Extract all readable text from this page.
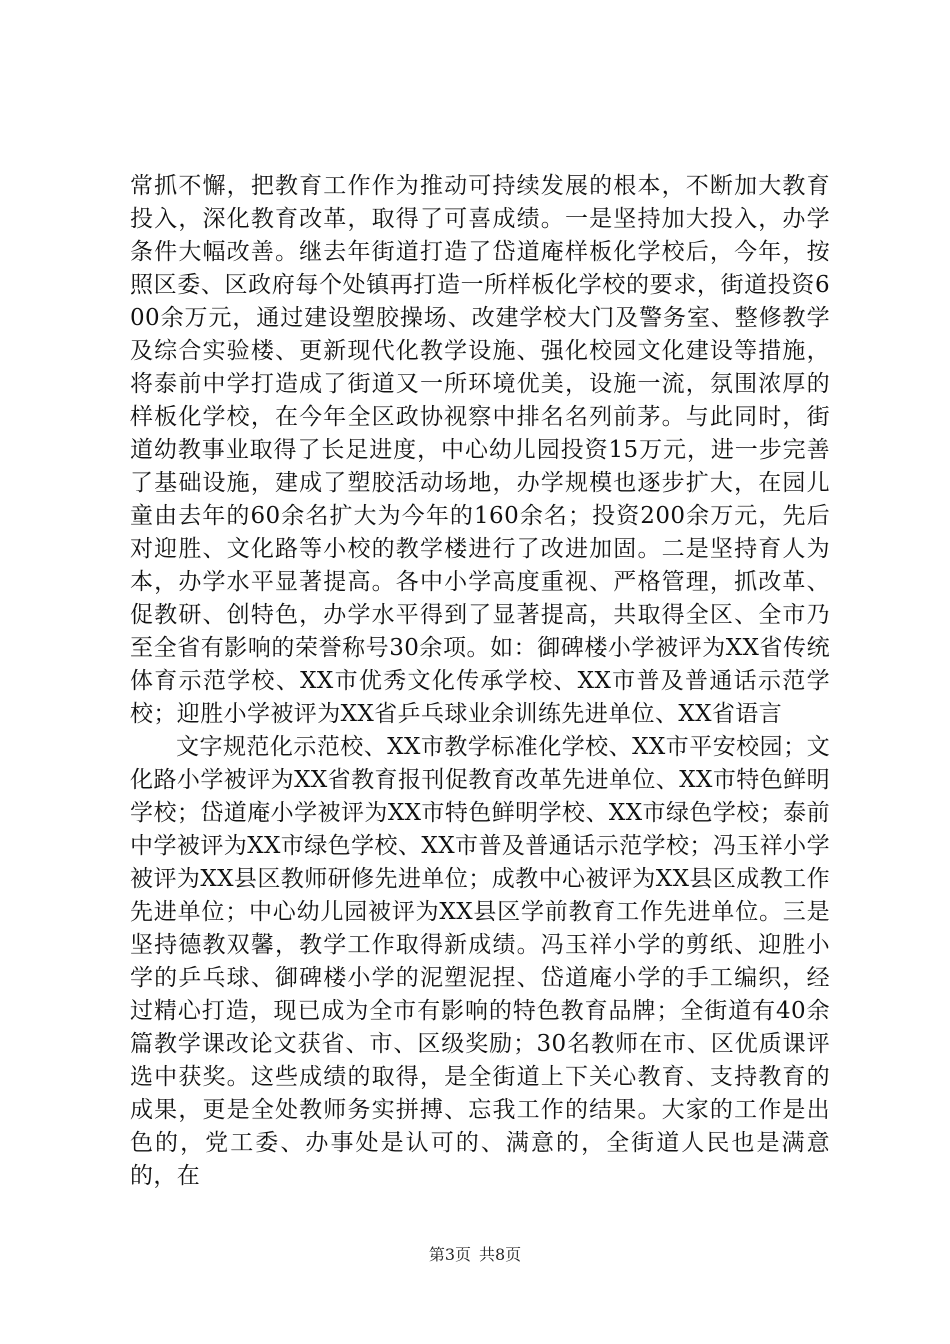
常抓不懈，把教育工作作为推动可持续发展的根本，不断加大教育投入，深化教育改革，取得了可喜成绩。一是坚持加大投入，办学条件大幅改善。继去年街道打造了岱道庵样板化学校后，今年，按照区委、区政府每个处镇再打造一所样板化学校的要求，街道投资600余万元，通过建设塑胶操场、改建学校大门及警务室、整修教学及综合实验楼、更新现代化教学设施、强化校园文化建设等措施，将泰前中学打造成了街道又一所环境优美，设施一流，氛围浓厚的样板化学校，在今年全区政协视察中排名名列前茅。与此同时，街道幼教事业取得了长足进度，中心幼儿园投资15万元，进一步完善了基础设施，建成了塑胶活动场地，办学规模也逐步扩大，在园儿童由去年的60余名扩大为今年的160余名；投资200余万元，先后对迎胜、文化路等小校的教学楼进行了改进加固。二是坚持育人为本，办学水平显著提高。各中小学高度重视、严格管理，抓改革、促教研、创特色，办学水平得到了显著提高，共取得全区、全市乃至全省有影响的荣誉称号30余项。如：御碑楼小学被评为XX省传统体育示范学校、XX市优秀文化传承学校、XX市普及普通话示范学校；迎胜小学被评为XX省乒乓球业余训练先进单位、XX省语言

文字规范化示范校、XX市教学标准化学校、XX市平安校园；文化路小学被评为XX省教育报刊促教育改革先进单位、XX市特色鲜明学校；岱道庵小学被评为XX市特色鲜明学校、XX市绿色学校；泰前中学被评为XX市绿色学校、XX市普及普通话示范学校；冯玉祥小学被评为XX县区教师研修先进单位；成教中心被评为XX县区成教工作先进单位；中心幼儿园被评为XX县区学前教育工作先进单位。三是坚持德教双馨，教学工作取得新成绩。冯玉祥小学的剪纸、迎胜小学的乒乓球、御碑楼小学的泥塑泥捏、岱道庵小学的手工编织，经过精心打造，现已成为全市有影响的特色教育品牌；全街道有40余篇教学课改论文获省、市、区级奖励；30名教师在市、区优质课评选中获奖。这些成绩的取得，是全街道上下关心教育、支持教育的成果，更是全处教师务实拼搏、忘我工作的结果。大家的工作是出色的，党工委、办事处是认可的、满意的，全街道人民也是满意的，在

第3页 共8页
